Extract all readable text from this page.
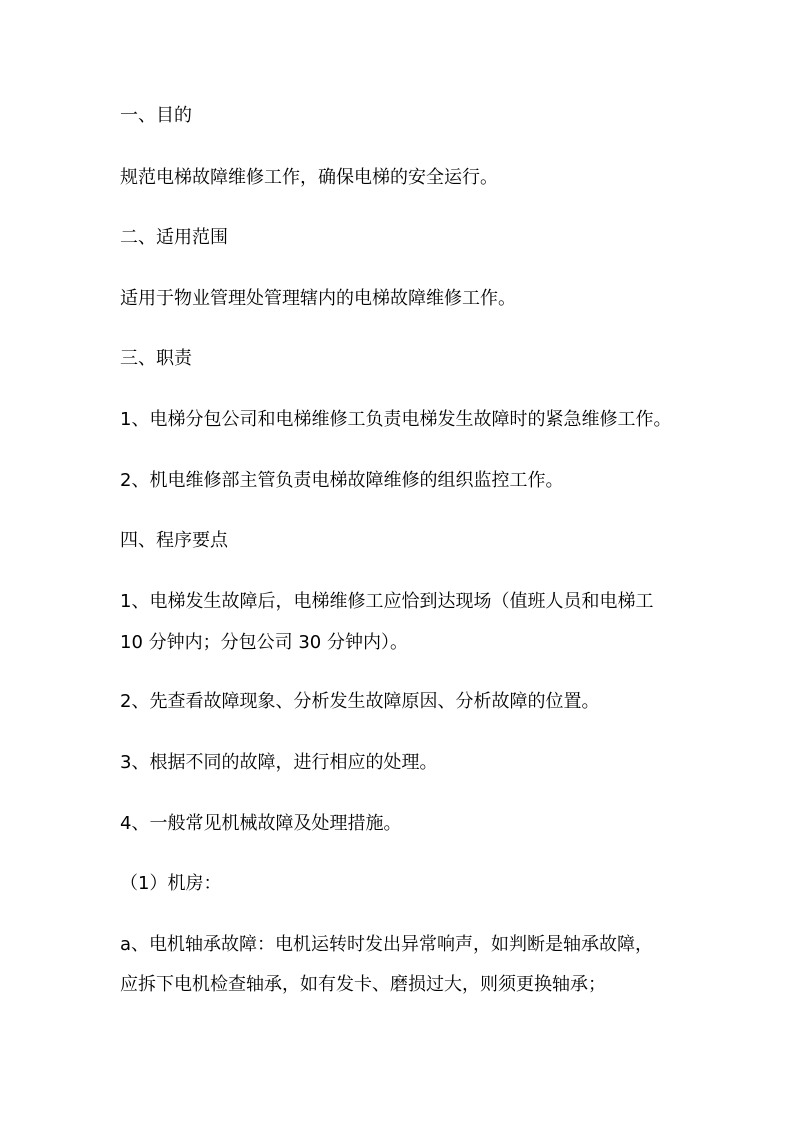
一、目的
规范电梯故障维修工作，确保电梯的安全运行。
二、适用范围
适用于物业管理处管理辖内的电梯故障维修工作。
三、职责
1、电梯分包公司和电梯维修工负责电梯发生故障时的紧急维修工作。
2、机电维修部主管负责电梯故障维修的组织监控工作。
四、程序要点
1、电梯发生故障后，电梯维修工应恰到达现场（值班人员和电梯工
10 分钟内；分包公司 30 分钟内）。
2、先查看故障现象、分析发生故障原因、分析故障的位置。
3、根据不同的故障，进行相应的处理。
4、一般常见机械故障及处理措施。
（1）机房：
a、电机轴承故障：电机运转时发出异常响声，如判断是轴承故障，
应拆下电机检查轴承，如有发卡、磨损过大，则须更换轴承；
